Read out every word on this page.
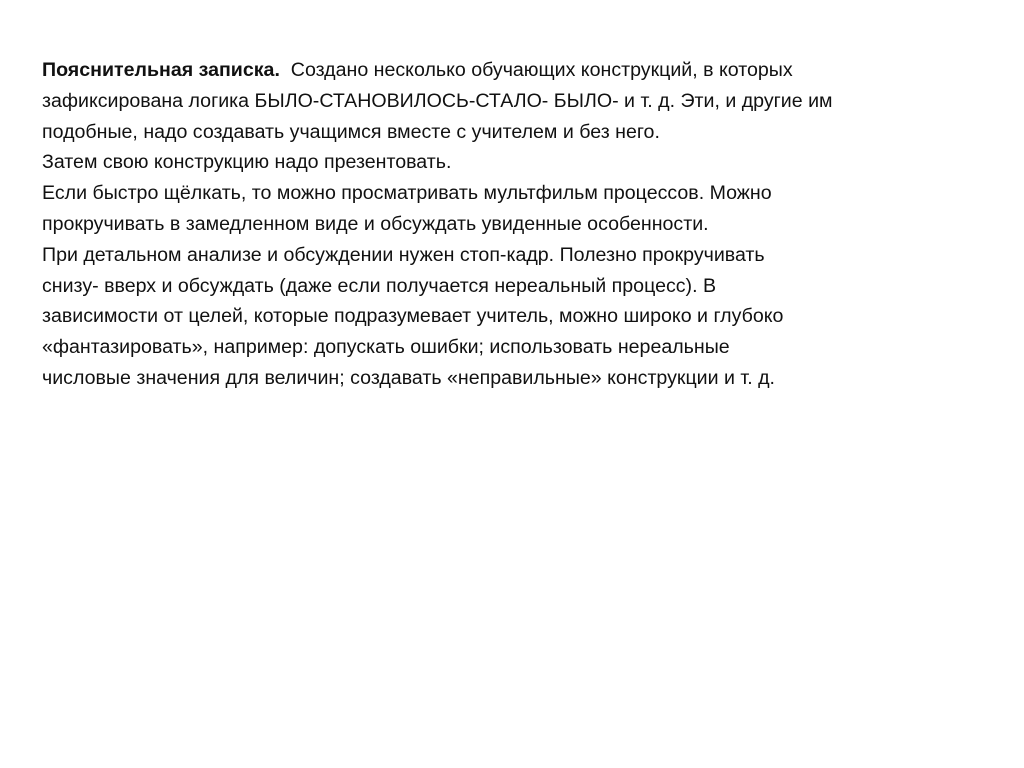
Пояснительная записка. Создано несколько обучающих конструкций, в которых
зафиксирована логика БЫЛО-СТАНОВИЛОСЬ-СТАЛО- БЫЛО- и т. д. Эти, и другие им
подобные, надо создавать учащимся вместе с учителем и без него.
Затем свою конструкцию надо презентовать.
Если быстро щёлкать, то можно просматривать мультфильм процессов. Можно
прокручивать в замедленном виде и обсуждать увиденные особенности.
При детальном анализе и обсуждении нужен стоп-кадр. Полезно прокручивать
снизу- вверх и обсуждать (даже если получается нереальный процесс). В
зависимости от целей, которые подразумевает учитель, можно широко и глубоко
«фантазировать», например: допускать ошибки; использовать нереальные
числовые значения для величин; создавать «неправильные» конструкции и т. д.
